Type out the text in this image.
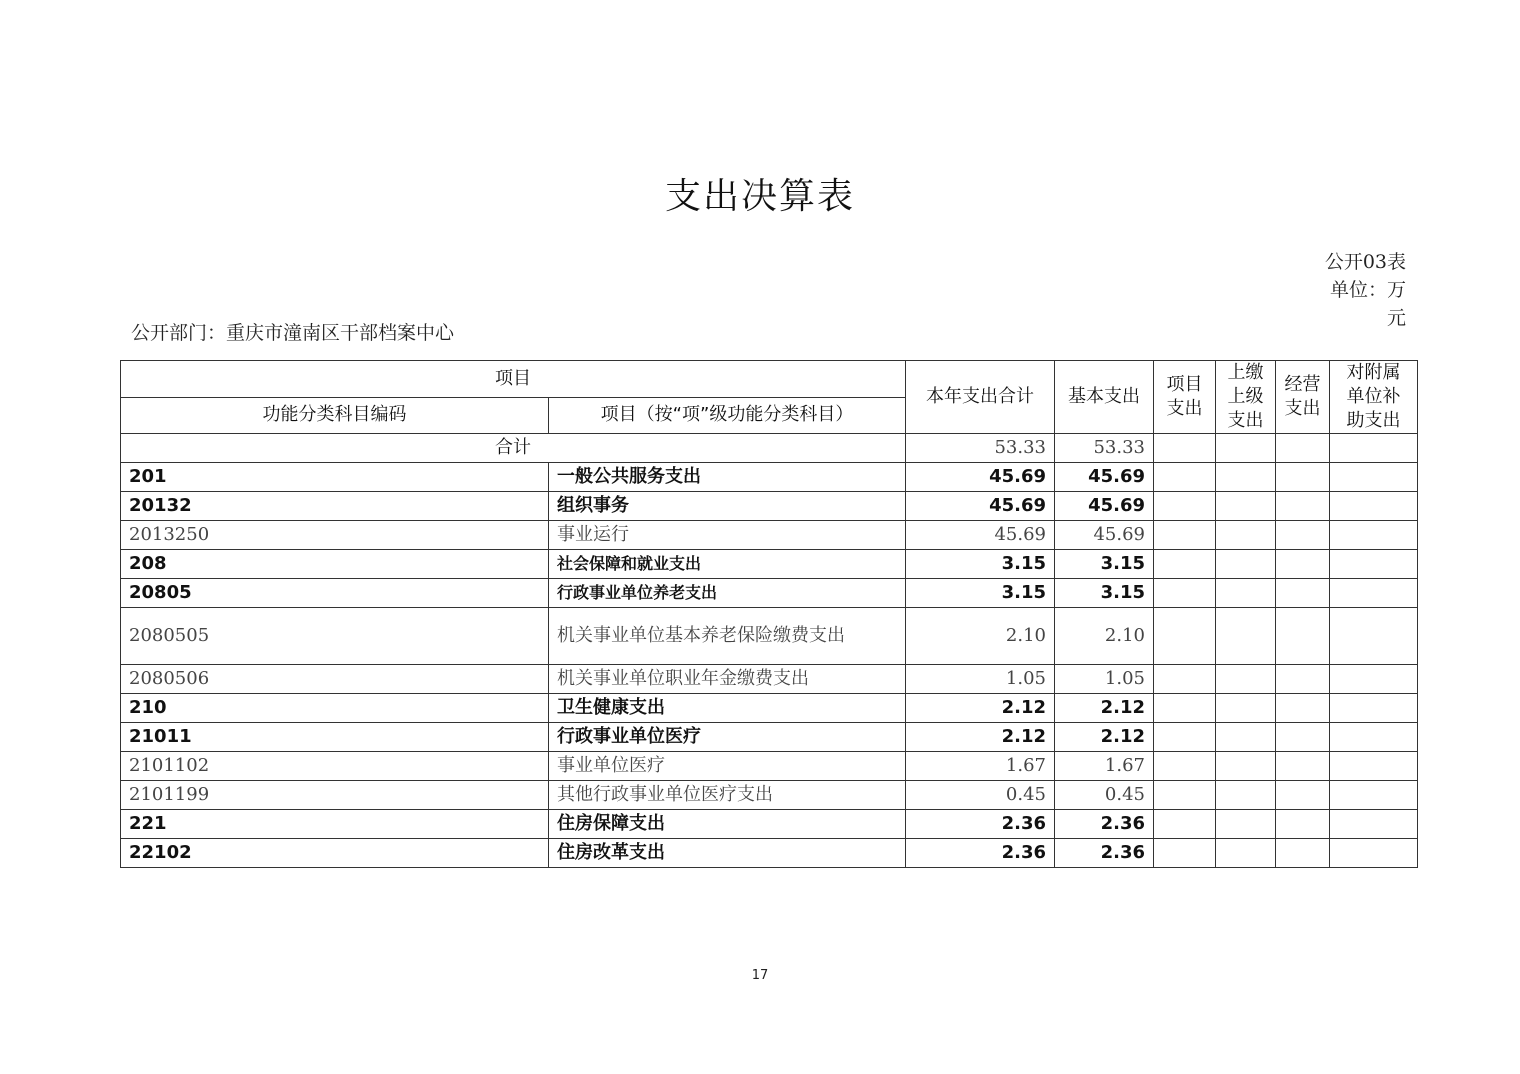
支出决算表
公开03表
单位：万元
公开部门：重庆市潼南区干部档案中心
项目		本年支出合计	基本支出	项目支出	上缴上级支出	经营支出	对附属单位补助支出
功能分类科目编码	项目（按“项”级功能分类科目）						
合计		53.33	53.33				
201	一般公共服务支出	45.69	45.69				
20132	组织事务	45.69	45.69				
2013250	事业运行	45.69	45.69				
208	社会保障和就业支出	3.15	3.15				
20805	行政事业单位养老支出	3.15	3.15				
2080505	机关事业单位基本养老保险缴费支出	2.10	2.10				
2080506	机关事业单位职业年金缴费支出	1.05	1.05				
210	卫生健康支出	2.12	2.12				
21011	行政事业单位医疗	2.12	2.12				
2101102	事业单位医疗	1.67	1.67				
2101199	其他行政事业单位医疗支出	0.45	0.45				
221	住房保障支出	2.36	2.36				
22102	住房改革支出	2.36	2.36				
17
